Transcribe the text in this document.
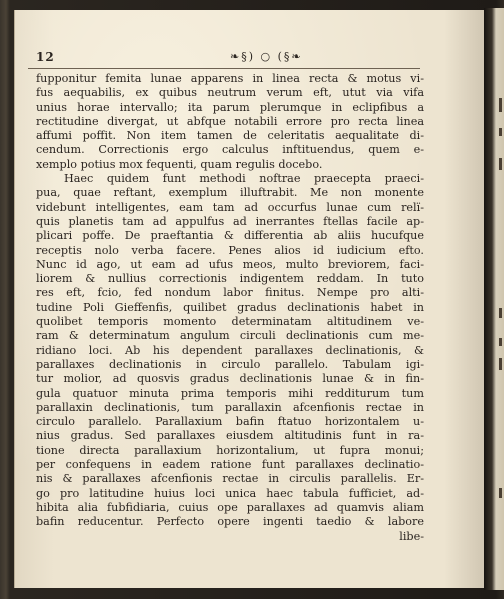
12	❧§) ○ (§❧
fupponitur femita lunae apparens in linea recta & motus vi-
fus aequabilis, ex quibus neutrum verum eft, utut via vifa
unius horae intervallo; ita parum plerumque in eclipfibus a
rectitudine divergat, ut abfque notabili errore pro recta linea
affumi poffit. Non item tamen de celeritatis aequalitate di-
cendum. Correctionis ergo calculus inftituendus, quem e-
xemplo potius mox fequenti, quam regulis docebo.
Haec quidem funt methodi noftrae praecepta praeci-
pua, quae reftant, exemplum illuftrabit. Me non monente
videbunt intelligentes, eam tam ad occurfus lunae cum relï-
quis planetis tam ad appulfus ad inerrantes ftellas facile ap-
plicari poffe. De praeftantia & differentia ab aliis hucufque
receptis nolo verba facere. Penes alios id iudicium efto.
Nunc id ago, ut eam ad ufus meos, multo breviorem, faci-
liorem & nullius correctionis indigentem reddam. In tuto
res eft, fcio, fed nondum labor finitus. Nempe pro alti-
tudine Poli Gieffenfis, quilibet gradus declinationis habet in
quolibet temporis momento determinatam altitudinem ve-
ram & determinatum angulum circuli declinationis cum me-
ridiano loci. Ab his dependent parallaxes declinationis, &
parallaxes declinationis in circulo parallelo. Tabulam igi-
tur molior, ad quosvis gradus declinationis lunae & in fin-
gula quatuor minuta prima temporis mihi redditurum tum
parallaxin declinationis, tum parallaxin afcenfionis rectae in
circulo parallelo. Parallaxium bafin ftatuo horizontalem u-
nius gradus. Sed parallaxes eiusdem altitudinis funt in ra-
tione directa parallaxium horizontalium, ut fupra monui;
per confequens in eadem ratione funt parallaxes declinatio-
nis & parallaxes afcenfionis rectae in circulis parallelis. Er-
go pro latitudine huius loci unica haec tabula fufficiet, ad-
hibita alia fubfidiaria, cuius ope parallaxes ad quamvis aliam
bafin reducentur. Perfecto opere ingenti taedio & labore
libe-
